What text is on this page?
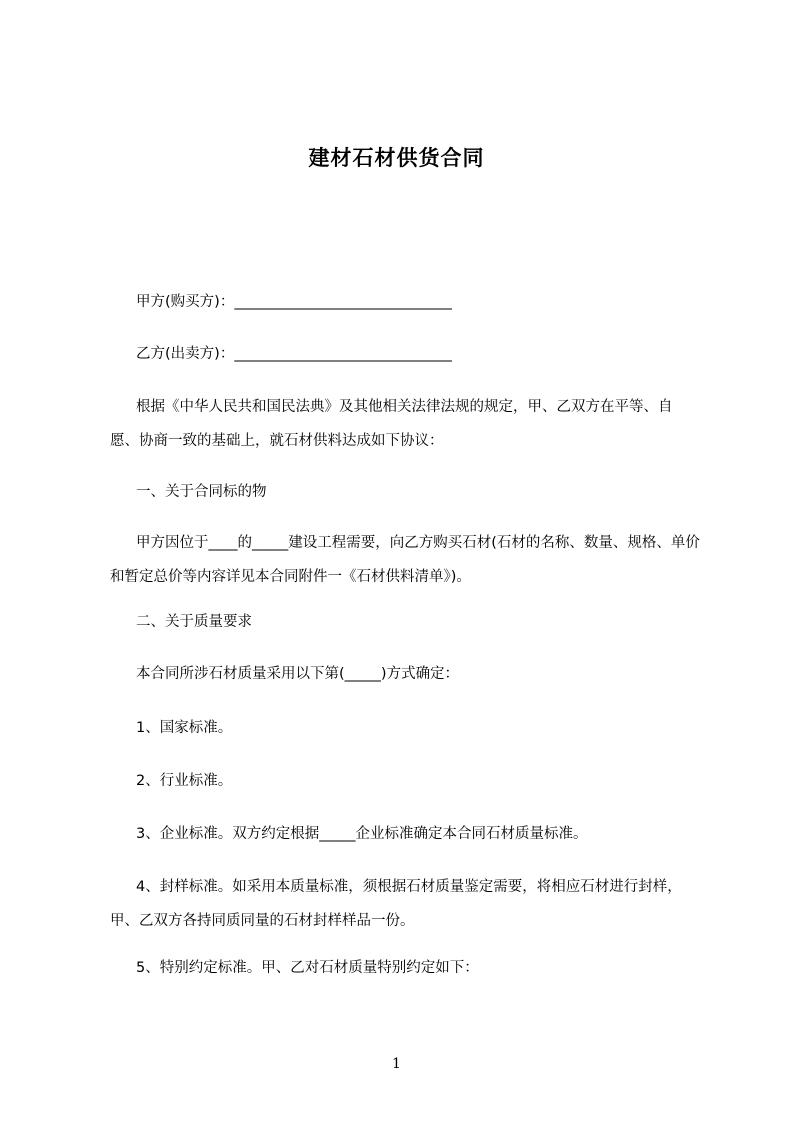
建材石材供货合同
甲方(购买方)：______________________________
乙方(出卖方)：______________________________
根据《中华人民共和国民法典》及其他相关法律法规的规定，甲、乙双方在平等、自愿、协商一致的基础上，就石材供料达成如下协议：
一、关于合同标的物
甲方因位于____的_____建设工程需要，向乙方购买石材(石材的名称、数量、规格、单价和暂定总价等内容详见本合同附件一《石材供料清单》)。
二、关于质量要求
本合同所涉石材质量采用以下第(_____)方式确定：
1、国家标准。
2、行业标准。
3、企业标准。双方约定根据_____企业标准确定本合同石材质量标准。
4、封样标准。如采用本质量标准，须根据石材质量鉴定需要，将相应石材进行封样，甲、乙双方各持同质同量的石材封样样品一份。
5、特别约定标准。甲、乙对石材质量特别约定如下：
1
